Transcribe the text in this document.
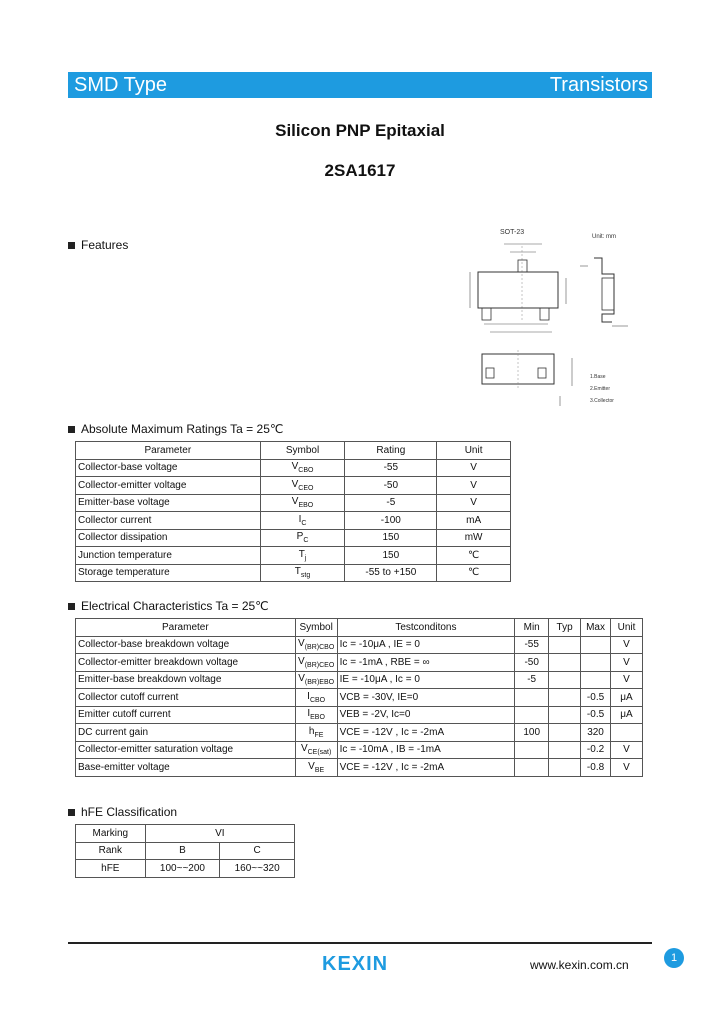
SMD Type	Transistors
Silicon PNP Epitaxial
2SA1617
Features
SOT-23
Unit: mm
1.Base
2.Emitter
3.Collector
Absolute Maximum Ratings Ta = 25℃
Parameter	Symbol	Rating	Unit
Collector-base voltage	$V_{CBO}$	-55	V
Collector-emitter voltage	$V_{CEO}$	-50	V
Emitter-base voltage	$V_{EBO}$	-5	V
Collector current	$I_C$	-100	mA
Collector dissipation	$P_C$	150	mW
Junction temperature	$T_j$	150	℃
Storage temperature	$T_{stg}$	-55 to +150	℃
Electrical Characteristics Ta = 25℃
Parameter	Symbol	Testconditons	Min	Typ	Max	Unit
Collector-base breakdown voltage	$V_{(BR)CBO}$	Ic = -10μA , IE = 0	-55			V
Collector-emitter breakdown voltage	$V_{(BR)CEO}$	Ic = -1mA , RBE = ∞	-50			V
Emitter-base breakdown voltage	$V_{(BR)EBO}$	IE = -10μA , Ic = 0	-5			V
Collector cutoff current	$I_{CBO}$	VCB = -30V, IE=0			-0.5	μA
Emitter cutoff current	$I_{EBO}$	VEB = -2V, Ic=0			-0.5	μA
DC current gain	$h_{FE}$	VCE = -12V , Ic = -2mA	100		320	
Collector-emitter saturation voltage	$V_{CE(sat)}$	Ic = -10mA , IB = -1mA			-0.2	V
Base-emitter voltage	$V_{BE}$	VCE = -12V , Ic = -2mA			-0.8	V
hFE Classification
Marking	VI	
Rank	B	C
hFE	100~~200	160~~320
KEXIN	www.kexin.com.cn	1
